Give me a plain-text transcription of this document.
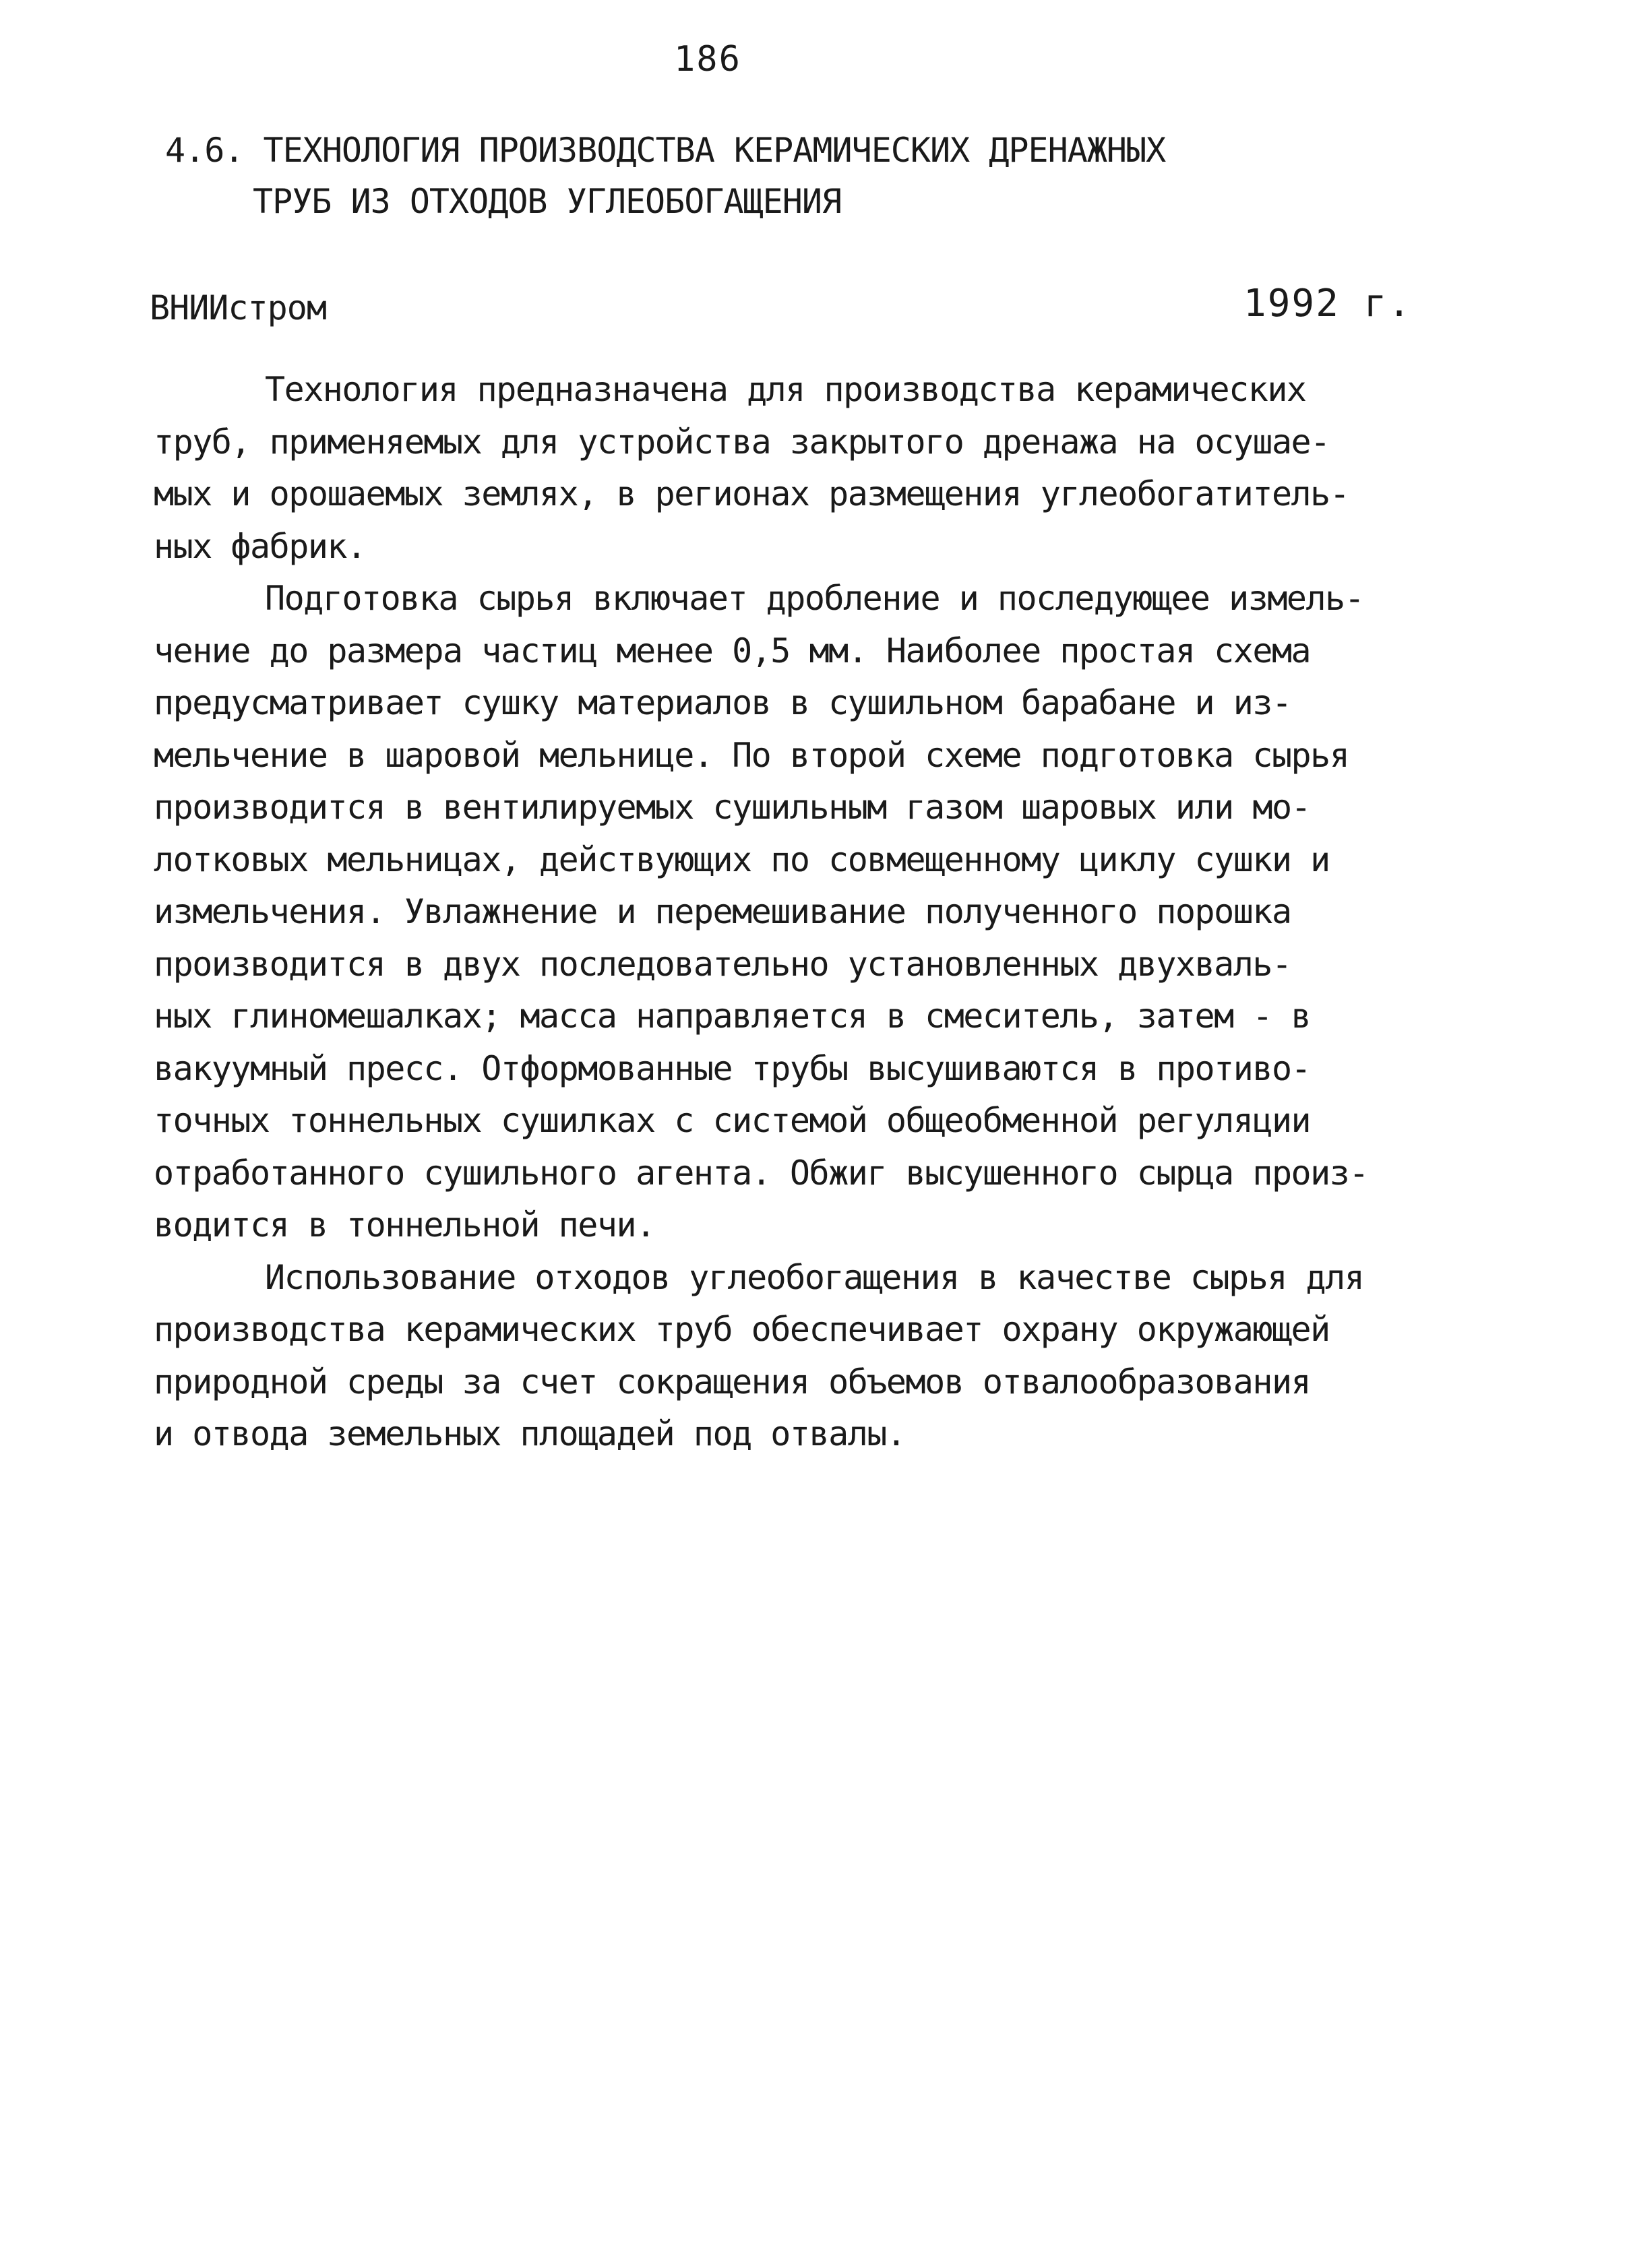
186
4.6. ТЕХНОЛОГИЯ ПРОИЗВОДСТВА КЕРАМИЧЕСКИХ ДРЕНАЖНЫХ
ТРУБ ИЗ ОТХОДОВ УГЛЕОБОГАЩЕНИЯ
ВНИИстром	1992 г.
Технология предназначена для производства керамических
труб, применяемых для устройства закрытого дренажа на осушае-
мых и орошаемых землях, в регионах размещения углеобогатитель-
ных фабрик.
Подготовка сырья включает дробление и последующее измель-
чение до размера частиц менее 0,5 мм. Наиболее простая схема
предусматривает сушку материалов в сушильном барабане и из-
мельчение в шаровой мельнице. По второй схеме подготовка сырья
производится в вентилируемых сушильным газом шаровых или мо-
лотковых мельницах, действующих по совмещенному циклу сушки и
измельчения. Увлажнение и перемешивание полученного порошка
производится в двух последовательно установленных двухваль-
ных глиномешалках; масса направляется в смеситель, затем - в
вакуумный пресс. Отформованные трубы высушиваются в противо-
точных тоннельных сушилках с системой общеобменной регуляции
отработанного сушильного агента. Обжиг высушенного сырца произ-
водится в тоннельной печи.
Использование отходов углеобогащения в качестве сырья для
производства керамических труб обеспечивает охрану окружающей
природной среды за счет сокращения объемов отвалообразования
и отвода земельных площадей под отвалы.
